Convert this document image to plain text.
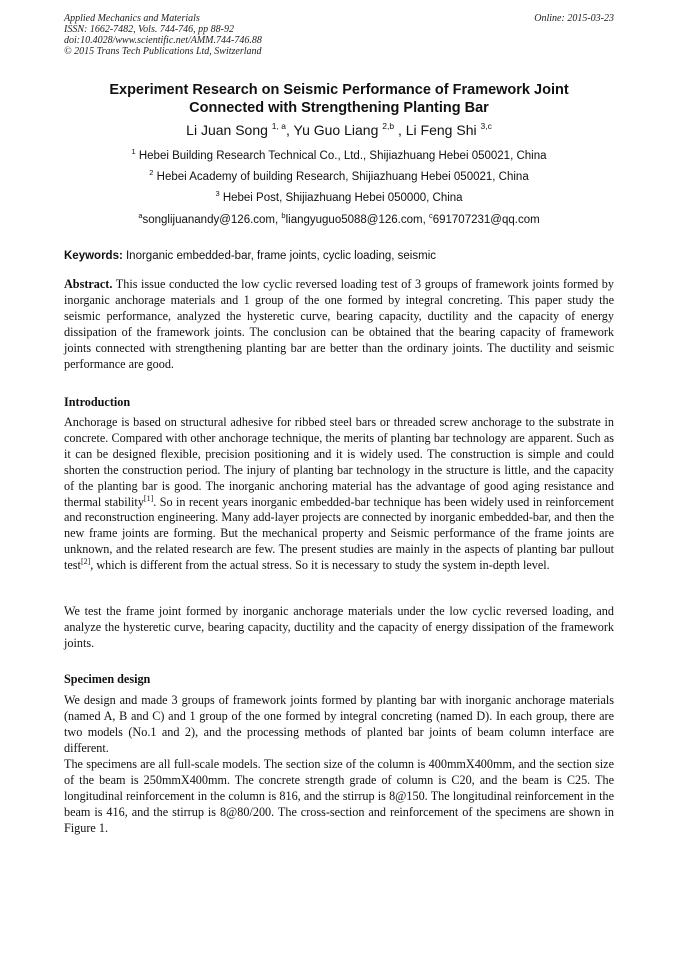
Applied Mechanics and Materials
ISSN: 1662-7482, Vols. 744-746, pp 88-92
doi:10.4028/www.scientific.net/AMM.744-746.88
© 2015 Trans Tech Publications Ltd, Switzerland
Online: 2015-03-23
Experiment Research on Seismic Performance of Framework Joint
Connected with Strengthening Planting Bar
Li Juan Song $^{1, a}$, Yu Guo Liang $^{2,b}$ , Li Feng Shi $^{3,c}$
$^1$ Hebei Building Research Technical Co., Ltd., Shijiazhuang Hebei 050021, China
$^2$ Hebei Academy of building Research, Shijiazhuang Hebei 050021, China
$^3$ Hebei Post, Shijiazhuang Hebei 050000, China
$^a$songlijuanandy@126.com, $^b$liangyuguo5088@126.com, $^c$691707231@qq.com
Keywords: Inorganic embedded-bar, frame joints, cyclic loading, seismic

Abstract. This issue conducted the low cyclic reversed loading test of 3 groups of framework joints formed by inorganic anchorage materials and 1 group of the one formed by integral concreting. This paper study the seismic performance, analyzed the hysteretic curve, bearing capacity, ductility and the capacity of energy dissipation of the framework joints. The conclusion can be obtained that the bearing capacity of framework joints connected with strengthening planting bar are better than the ordinary joints. The ductility and seismic performance are good.

Introduction

Anchorage is based on structural adhesive for ribbed steel bars or threaded screw anchorage to the substrate in concrete. Compared with other anchorage technique, the merits of planting bar technology are apparent. Such as it can be designed flexible, precision positioning and it is widely used. The construction is simple and could shorten the construction period. The injury of planting bar technology in the structure is little, and the capacity of the planting bar is good. The inorganic anchoring material has the advantage of good aging resistance and thermal stability[1]. So in recent years inorganic embedded-bar technique has been widely used in reinforcement and reconstruction engineering. Many add-layer projects are connected by inorganic embedded-bar, and then the new frame joints are forming. But the mechanical property and Seismic performance of the frame joints are unknown, and the related research are few. The present studies are mainly in the aspects of planting bar pullout test[2], which is different from the actual stress. So it is necessary to study the system in-depth level.

We test the frame joint formed by inorganic anchorage materials under the low cyclic reversed loading, and analyze the hysteretic curve, bearing capacity, ductility and the capacity of energy dissipation of the framework joints.

Specimen design

We design and made 3 groups of framework joints formed by planting bar with inorganic anchorage materials (named A, B and C) and 1 group of the one formed by integral concreting (named D). In each group, there are two models (No.1 and 2), and the processing methods of planted bar joints of beam column interface are different.

The specimens are all full-scale models. The section size of the column is 400mmX400mm, and the section size of the beam is 250mmX400mm. The concrete strength grade of column is C20, and the beam is C25. The longitudinal reinforcement in the column is 816, and the stirrup is 8@150. The longitudinal reinforcement in the beam is 416, and the stirrup is 8@80/200. The cross-section and reinforcement of the specimens are shown in Figure 1.
